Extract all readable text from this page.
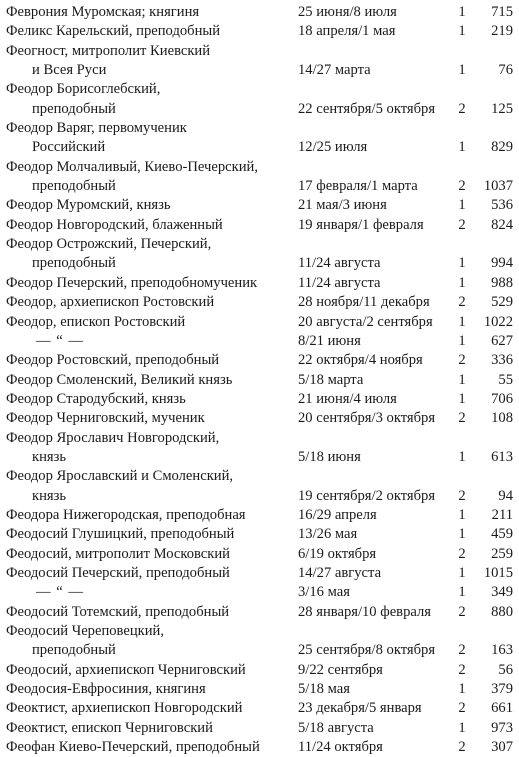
Феврония Муромская; княгиня	25 июня/8 июля	1 715
Феликс Карельский, преподобный	18 апреля/1 мая	1 219
Феогност, митрополит Киевский
и Всея Руси	14/27 марта	1 76
Феодор Борисоглебский,
преподобный	22 сентября/5 октября 2 125
Феодор Варяг, первомученик
Российский	12/25 июля	1 829
Феодор Молчаливый, Киево-Печерский,
преподобный	17 февраля/1 марта	2 1037
Феодор Муромский, князь	21 мая/3 июня	1 536
Феодор Новгородский, блаженный	19 января/1 февраля 2 824
Феодор Острожский, Печерский,
преподобный	11/24 августа	1 994
Феодор Печерский, преподобномученик	11/24 августа	1 988
Феодор, архиепископ Ростовский	28 ноября/11 декабря 2 529
Феодор, епископ Ростовский	20 августа/2 сентября 1 1022
— “ —	8/21 июня	1 627
Феодор Ростовский, преподобный	22 октября/4 ноября 2 336
Феодор Смоленский, Великий князь	5/18 марта	1 55
Феодор Стародубский, князь	21 июня/4 июля	1 706
Феодор Черниговский, мученик	20 сентября/3 октября 2 108
Феодор Ярославич Новгородский,
князь	5/18 июня	1 613
Феодор Ярославский и Смоленский,
князь	19 сентября/2 октября 2 94
Феодора Нижегородская, преподобная	16/29 апреля	1 211
Феодосий Глушицкий, преподобный	13/26 мая	1 459
Феодосий, митрополит Московский	6/19 октября	2 259
Феодосий Печерский, преподобный	14/27 августа	1 1015
— “ —	3/16 мая	1 349
Феодосий Тотемский, преподобный	28 января/10 февраля 2 880
Феодосий Череповецкий,
преподобный	25 сентября/8 октября 2 163
Феодосий, архиепископ Черниговский	9/22 сентября	2 56
Феодосия-Евфросиния, княгиня	5/18 мая	1 379
Феоктист, архиепископ Новгородский	23 декабря/5 января	2 661
Феоктист, епископ Черниговский	5/18 августа	1 973
Феофан Киево-Печерский, преподобный	11/24 октября	2 307
